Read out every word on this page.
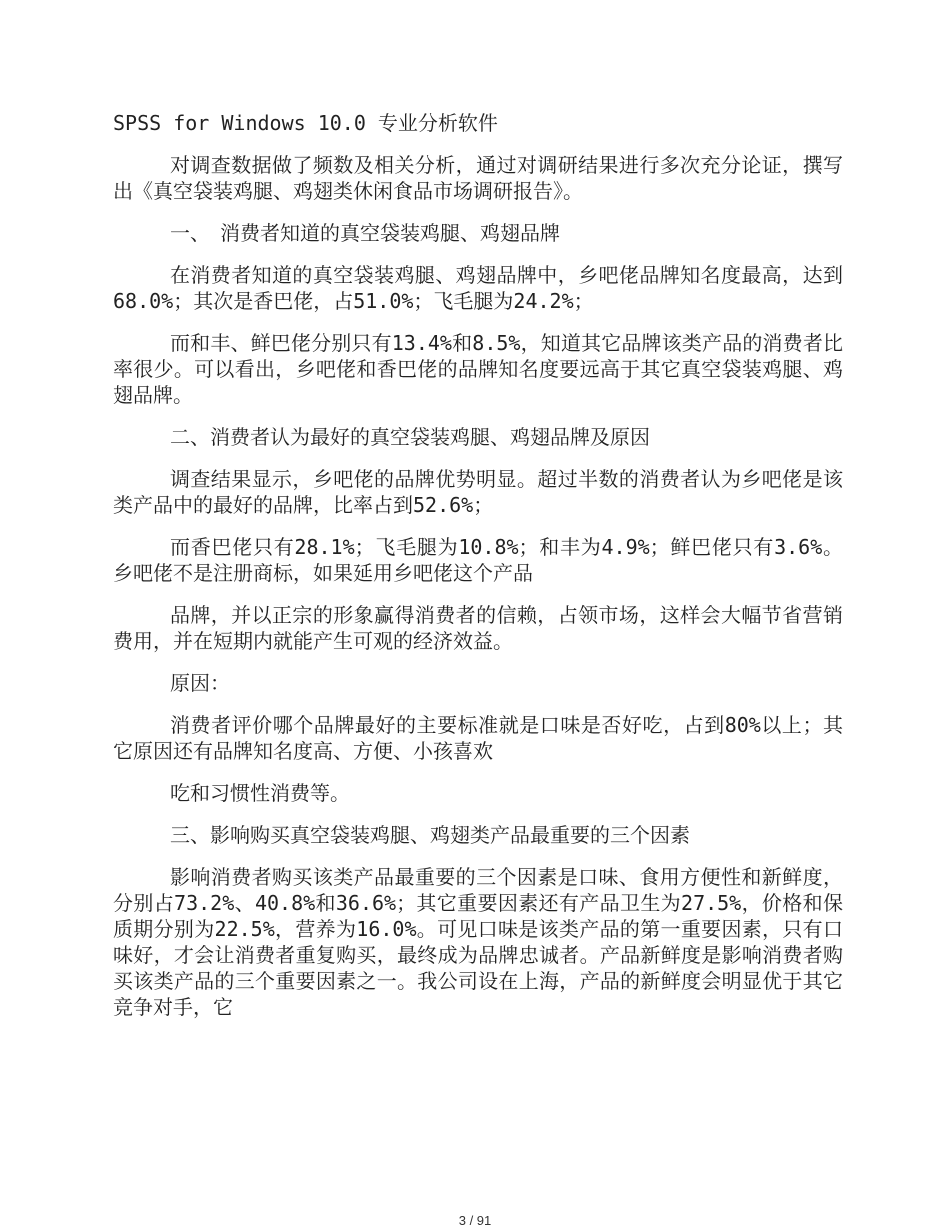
SPSS for Windows 10.0 专业分析软件

对调查数据做了频数及相关分析，通过对调研结果进行多次充分论证，撰写出《真空袋装鸡腿、鸡翅类休闲食品市场调研报告》。

一、　消费者知道的真空袋装鸡腿、鸡翅品牌

在消费者知道的真空袋装鸡腿、鸡翅品牌中，乡吧佬品牌知名度最高，达到68.0%；其次是香巴佬，占51.0%；飞毛腿为24.2%；

而和丰、鲜巴佬分别只有13.4%和8.5%，知道其它品牌该类产品的消费者比率很少。可以看出，乡吧佬和香巴佬的品牌知名度要远高于其它真空袋装鸡腿、鸡翅品牌。

二、消费者认为最好的真空袋装鸡腿、鸡翅品牌及原因

调查结果显示，乡吧佬的品牌优势明显。超过半数的消费者认为乡吧佬是该类产品中的最好的品牌，比率占到52.6%；

而香巴佬只有28.1%；飞毛腿为10.8%；和丰为4.9%；鲜巴佬只有3.6%。乡吧佬不是注册商标，如果延用乡吧佬这个产品

品牌，并以正宗的形象赢得消费者的信赖，占领市场，这样会大幅节省营销费用，并在短期内就能产生可观的经济效益。

原因：

消费者评价哪个品牌最好的主要标准就是口味是否好吃，占到80%以上；其它原因还有品牌知名度高、方便、小孩喜欢

吃和习惯性消费等。

三、影响购买真空袋装鸡腿、鸡翅类产品最重要的三个因素

影响消费者购买该类产品最重要的三个因素是口味、食用方便性和新鲜度，分别占73.2%、40.8%和36.6%；其它重要因素还有产品卫生为27.5%，价格和保质期分别为22.5%，营养为16.0%。可见口味是该类产品的第一重要因素，只有口味好，才会让消费者重复购买，最终成为品牌忠诚者。产品新鲜度是影响消费者购买该类产品的三个重要因素之一。我公司设在上海，产品的新鲜度会明显优于其它竞争对手，它

3 / 91
